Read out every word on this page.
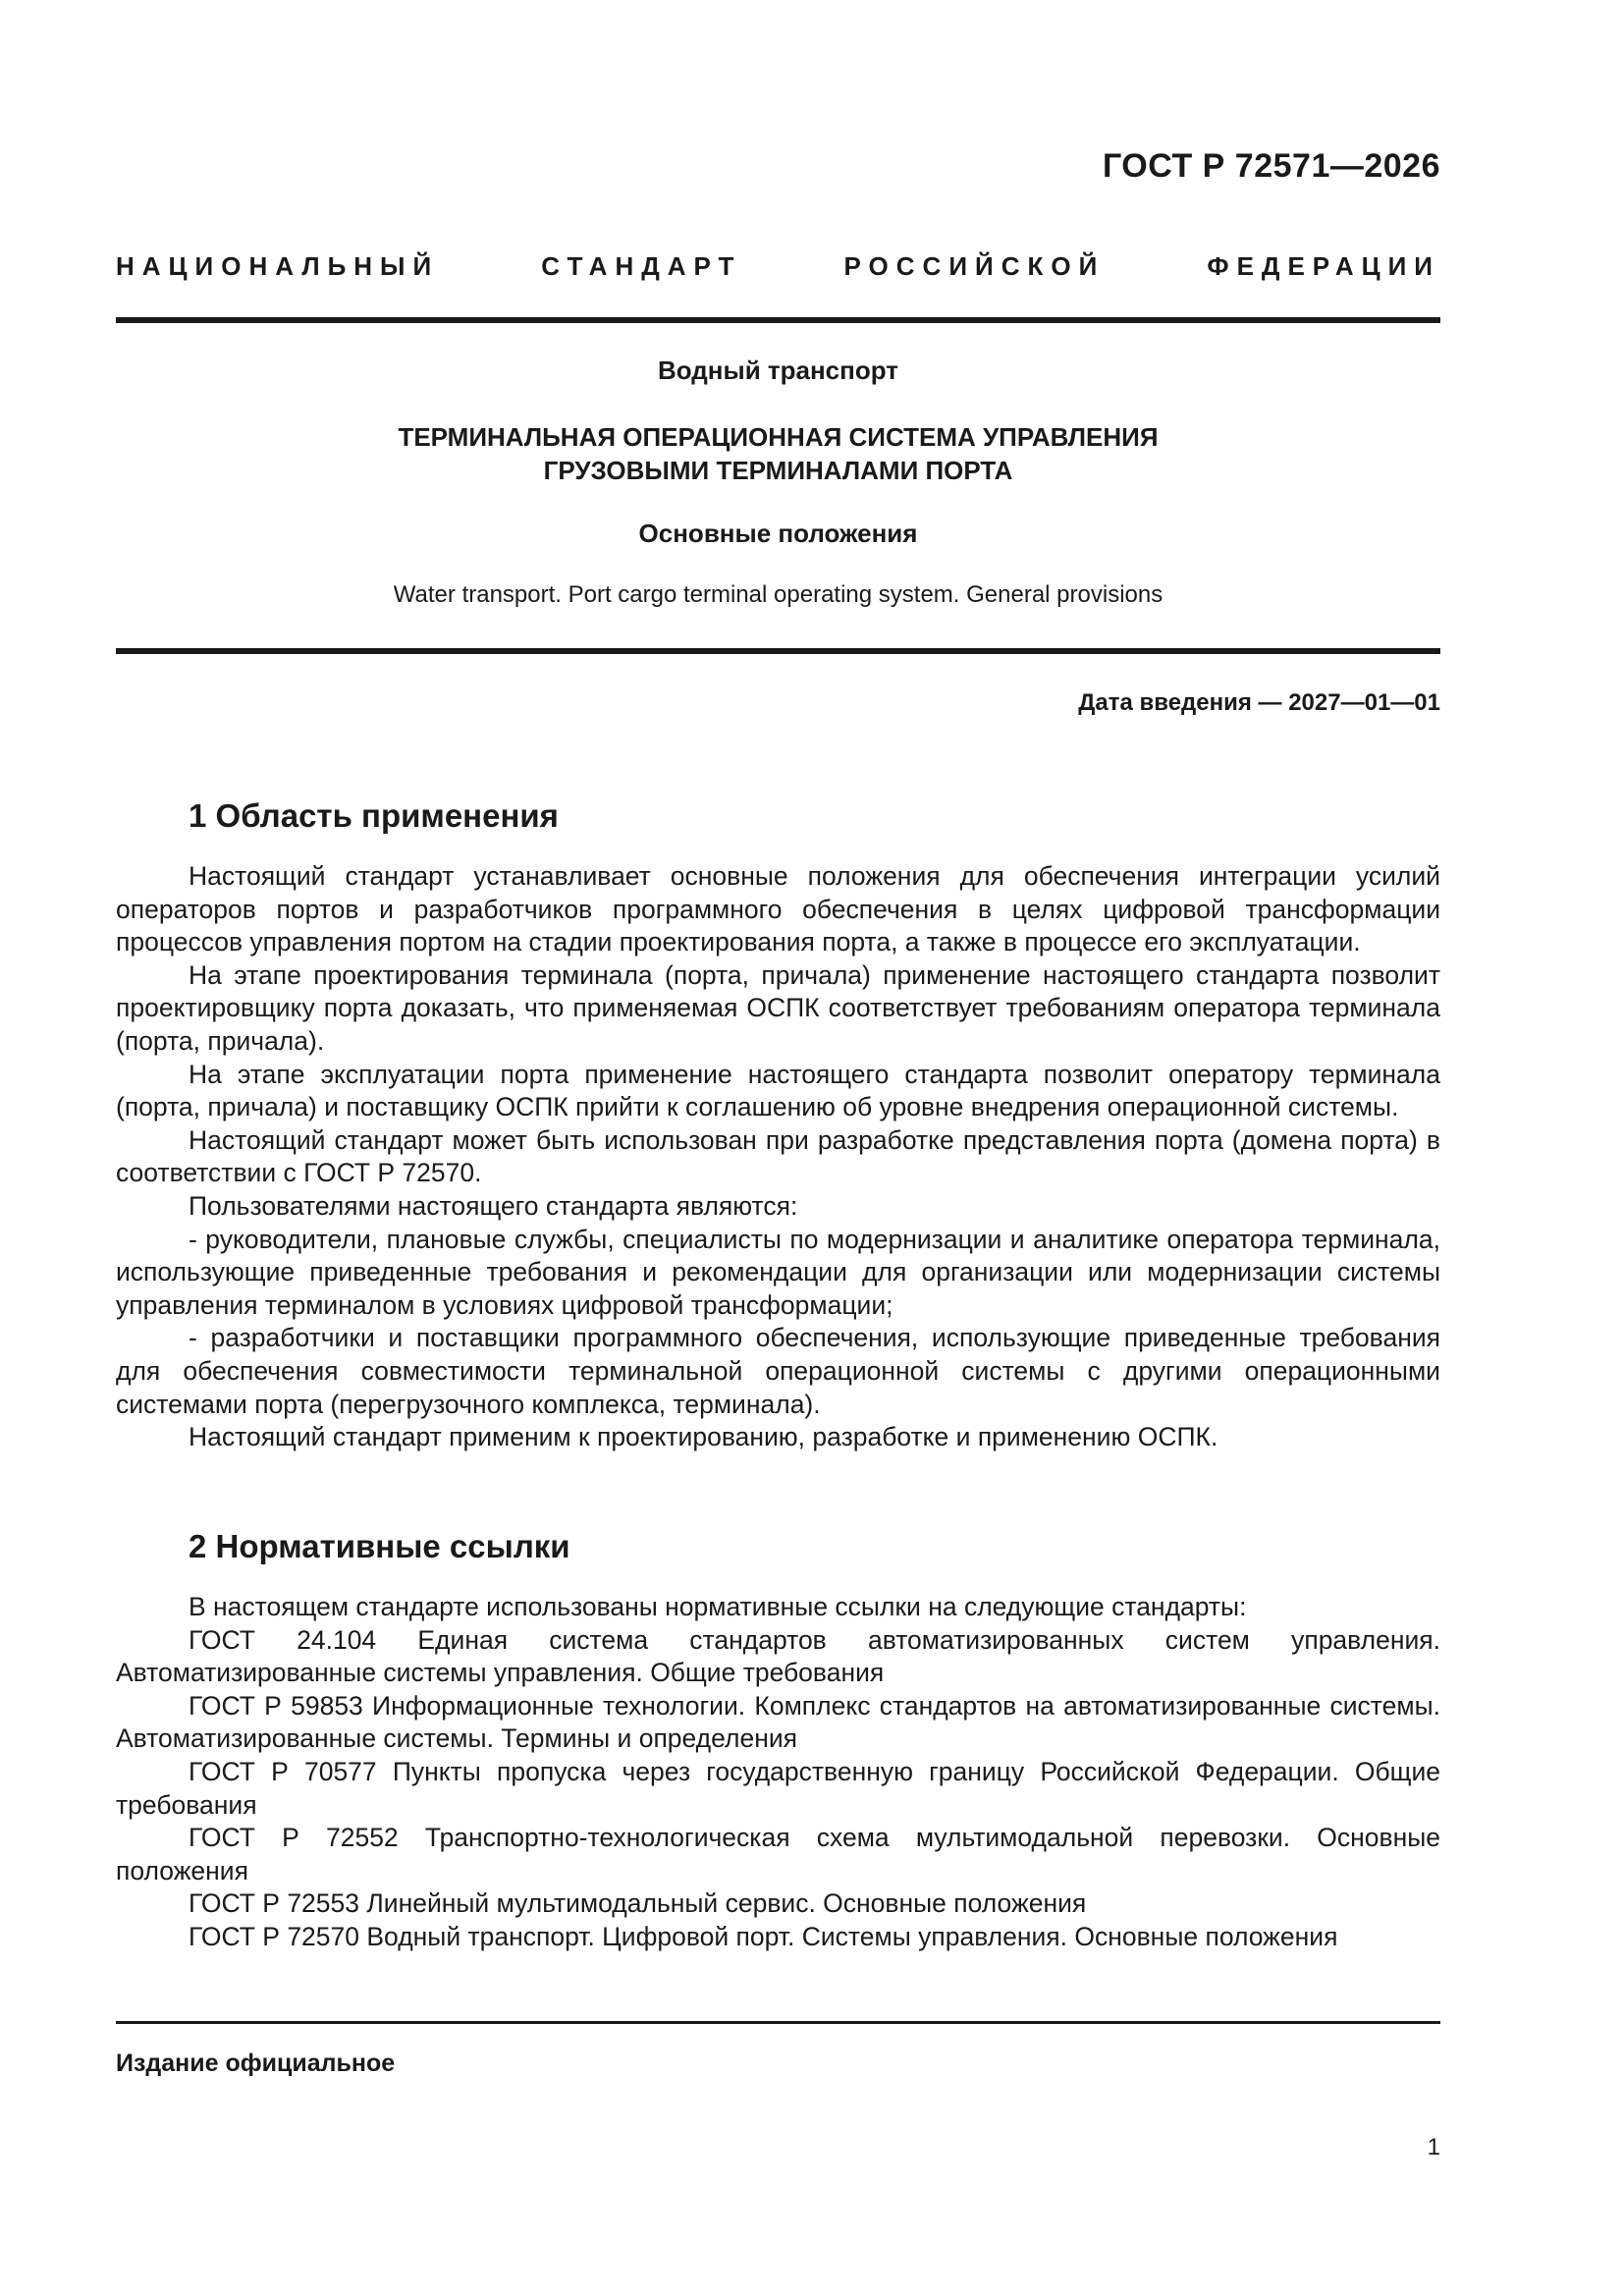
ГОСТ Р 72571—2026
НАЦИОНАЛЬНЫЙ СТАНДАРТ РОССИЙСКОЙ ФЕДЕРАЦИИ
Водный транспорт
ТЕРМИНАЛЬНАЯ ОПЕРАЦИОННАЯ СИСТЕМА УПРАВЛЕНИЯ
ГРУЗОВЫМИ ТЕРМИНАЛАМИ ПОРТА
Основные положения
Water transport. Port cargo terminal operating system. General provisions
Дата введения — 2027—01—01
1 Область применения

Настоящий стандарт устанавливает основные положения для обеспечения интеграции усилий операторов портов и разработчиков программного обеспечения в целях цифровой трансформации процессов управления портом на стадии проектирования порта, а также в процессе его эксплуатации.

На этапе проектирования терминала (порта, причала) применение настоящего стандарта позволит проектировщику порта доказать, что применяемая ОСПК соответствует требованиям оператора терминала (порта, причала).

На этапе эксплуатации порта применение настоящего стандарта позволит оператору терминала (порта, причала) и поставщику ОСПК прийти к соглашению об уровне внедрения операционной системы.

Настоящий стандарт может быть использован при разработке представления порта (домена порта) в соответствии с ГОСТ Р 72570.

Пользователями настоящего стандарта являются:

- руководители, плановые службы, специалисты по модернизации и аналитике оператора терминала, использующие приведенные требования и рекомендации для организации или модернизации системы управления терминалом в условиях цифровой трансформации;

- разработчики и поставщики программного обеспечения, использующие приведенные требования для обеспечения совместимости терминальной операционной системы с другими операционными системами порта (перегрузочного комплекса, терминала).

Настоящий стандарт применим к проектированию, разработке и применению ОСПК.

2 Нормативные ссылки

В настоящем стандарте использованы нормативные ссылки на следующие стандарты:

ГОСТ 24.104 Единая система стандартов автоматизированных систем управления. Автоматизированные системы управления. Общие требования

ГОСТ Р 59853 Информационные технологии. Комплекс стандартов на автоматизированные системы. Автоматизированные системы. Термины и определения

ГОСТ Р 70577 Пункты пропуска через государственную границу Российской Федерации. Общие требования

ГОСТ Р 72552 Транспортно-технологическая схема мультимодальной перевозки. Основные положения

ГОСТ Р 72553 Линейный мультимодальный сервис. Основные положения

ГОСТ Р 72570 Водный транспорт. Цифровой порт. Системы управления. Основные положения

Издание официальное
1
